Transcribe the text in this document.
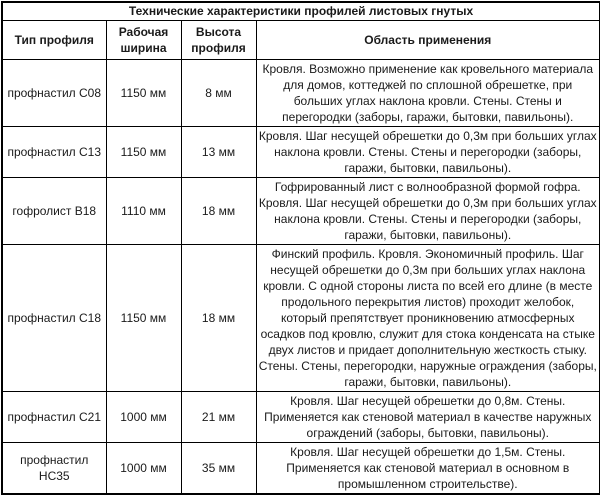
Технические характеристики профилей листовых гнутых			
Тип профиля	Рабочая ширина	Высота профиля	Область применения
профнастил С08	1150 мм	8 мм	Кровля. Возможно применение как кровельного материала для домов, коттеджей по сплошной обрешетке, при больших углах наклона кровли. Стены. Стены и перегородки (заборы, гаражи, бытовки, павильоны).
профнастил С13	1150 мм	13 мм	Кровля. Шаг несущей обрешетки до 0,3м при больших углах наклона кровли. Стены. Стены и перегородки (заборы, гаражи, бытовки, павильоны).
гофролист В18	1110 мм	18 мм	Гофрированный лист с волнообразной формой гофра. Кровля. Шаг несущей обрешетки до 0,3м при больших углах наклона кровли. Стены. Стены и перегородки (заборы, гаражи, бытовки, павильоны).
профнастил С18	1150 мм	18 мм	Финский профиль. Кровля. Экономичный профиль. Шаг несущей обрешетки до 0,3м при больших углах наклона кровли. С одной стороны листа по всей его длине (в месте продольного перекрытия листов) проходит желобок, который препятствует проникновению атмосферных осадков под кровлю, служит для стока конденсата на стыке двух листов и придает дополнительную жесткость стыку. Стены. Стены, перегородки, наружные ограждения (заборы, гаражи, бытовки, павильоны).
профнастил С21	1000 мм	21 мм	Кровля. Шаг несущей обрешетки до 0,8м. Стены. Применяется как стеновой материал в качестве наружных ограждений (заборы, бытовки, павильоны).
профнастил НС35	1000 мм	35 мм	Кровля. Шаг несущей обрешетки до 1,5м. Стены. Применяется как стеновой материал в основном в промышленном строительстве).
